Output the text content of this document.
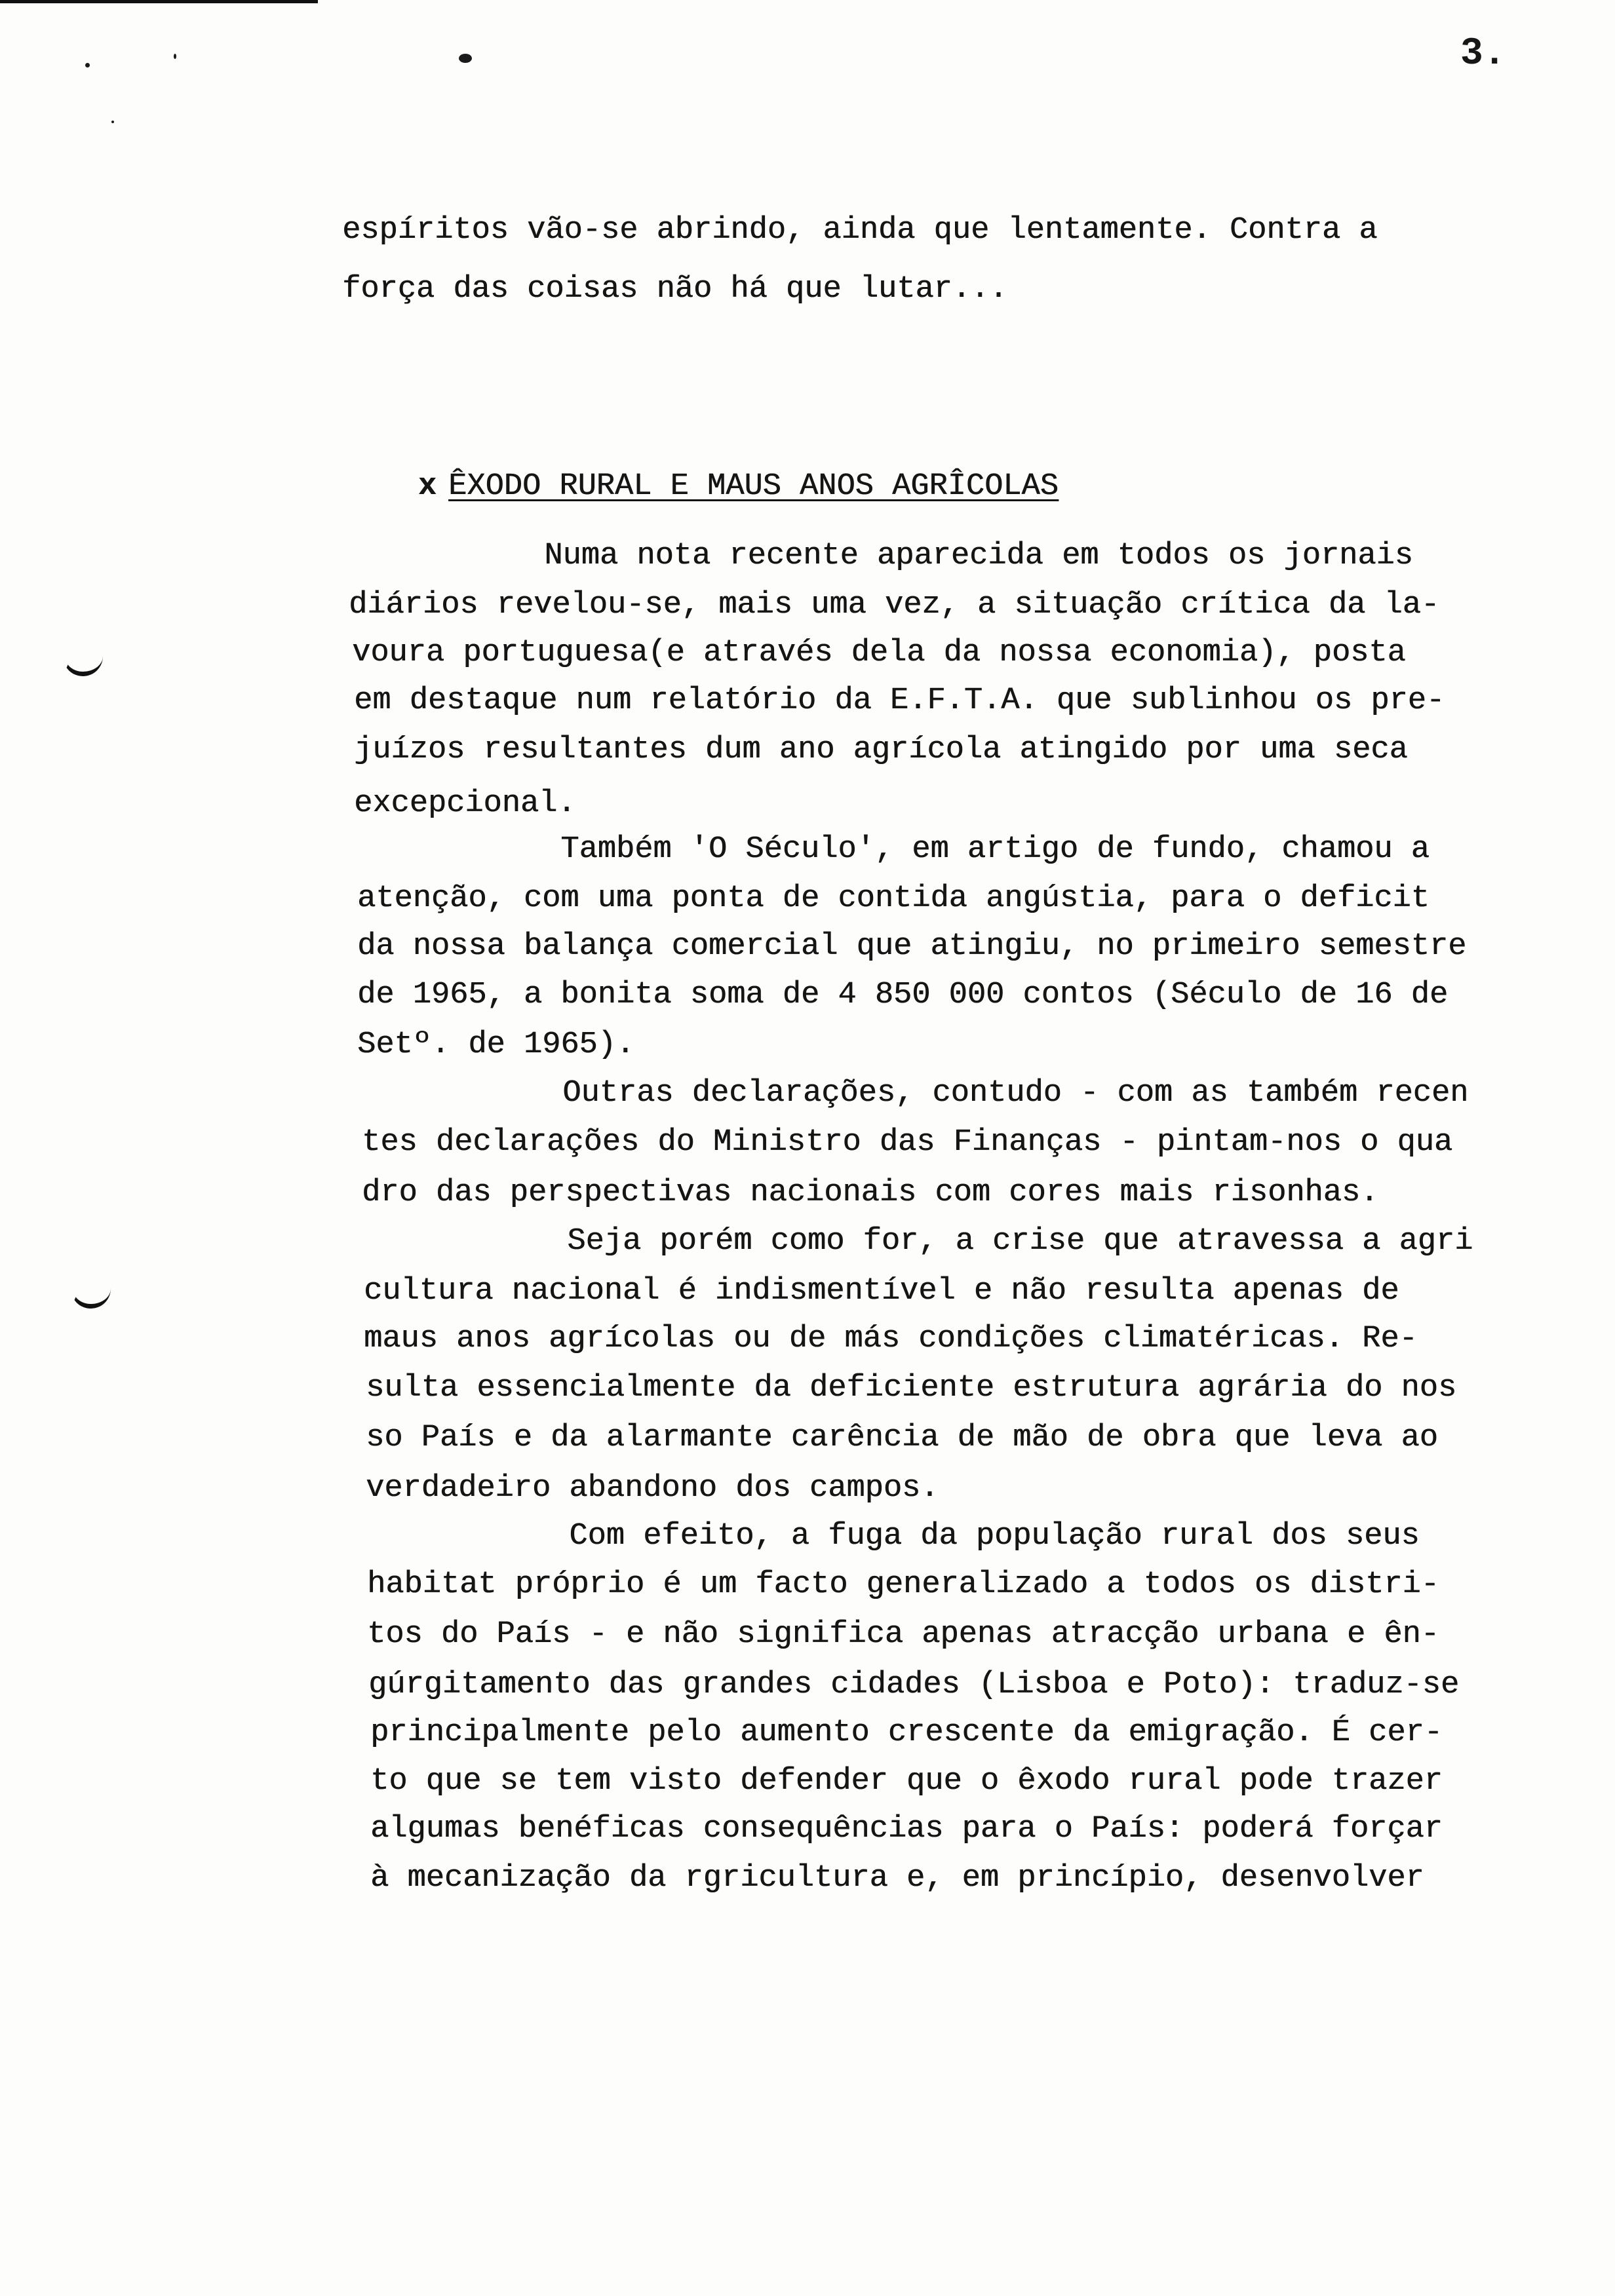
3.
espíritos vão-se abrindo, ainda que lentamente. Contra a
força das coisas não há que lutar...

x ÊXODO RURAL E MAUS ANOS AGRÎCOLAS

Numa nota recente aparecida em todos os jornais
diários revelou-se, mais uma vez, a situação crítica da la-
voura portuguesa(e através dela da nossa economia), posta
em destaque num relatório da E.F.T.A. que sublinhou os pre-
juízos resultantes dum ano agrícola atingido por uma seca
excepcional.
Também 'O Século', em artigo de fundo, chamou a
atenção, com uma ponta de contida angústia, para o deficit
da nossa balança comercial que atingiu, no primeiro semestre
de 1965, a bonita soma de 4 850 000 contos (Século de 16 de
Setº. de 1965).
Outras declarações, contudo - com as também recen
tes declarações do Ministro das Finanças - pintam-nos o qua
dro das perspectivas nacionais com cores mais risonhas.
Seja porém como for, a crise que atravessa a agri
cultura nacional é indismentível e não resulta apenas de
maus anos agrícolas ou de más condições climatéricas. Re-
sulta essencialmente da deficiente estrutura agrária do nos
so País e da alarmante carência de mão de obra que leva ao
verdadeiro abandono dos campos.
Com efeito, a fuga da população rural dos seus
habitat próprio é um facto generalizado a todos os distri-
tos do País - e não significa apenas atracção urbana e ên-
gúrgitamento das grandes cidades (Lisboa e Poto): traduz-se
principalmente pelo aumento crescente da emigração. É cer-
to que se tem visto defender que o êxodo rural pode trazer
algumas benéficas consequências para o País: poderá forçar
à mecanização da rgricultura e, em princípio, desenvolver
